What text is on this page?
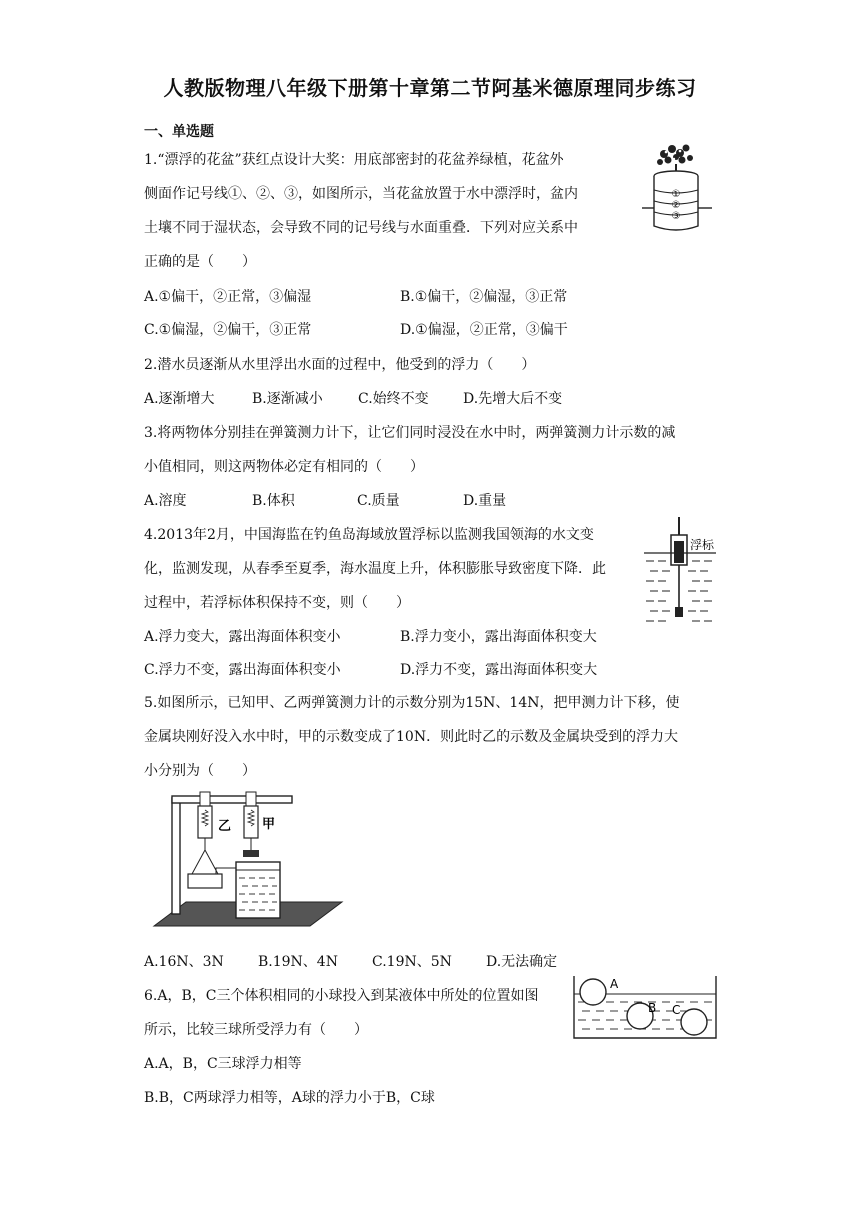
人教版物理八年级下册第十章第二节阿基米德原理同步练习
一、单选题
1.“漂浮的花盆”获红点设计大奖：用底部密封的花盆养绿植，花盆外
侧面作记号线①、②、③，如图所示，当花盆放置于水中漂浮时，盆内
土壤不同于湿状态，会导致不同的记号线与水面重叠．下列对应关系中
正确的是（　　）
A.①偏干，②正常，③偏湿	B.①偏干，②偏湿，③正常
C.①偏湿，②偏干，③正常	D.①偏湿，②正常，③偏干
①
②
③
2.潜水员逐渐从水里浮出水面的过程中，他受到的浮力（　　）
A.逐渐增大	B.逐渐减小	C.始终不变 D.先增大后不变
3.将两物体分别挂在弹簧测力计下，让它们同时浸没在水中时，两弹簧测力计示数的减
小值相同，则这两物体必定有相同的（　　）
A.溶度	B.体积	C.质量	D.重量
4.2013年2月，中国海监在钓鱼岛海域放置浮标以监测我国领海的水文变
化，监测发现，从春季至夏季，海水温度上升，体积膨胀导致密度下降．此
过程中，若浮标体积保持不变，则（　　）
A.浮力变大，露出海面体积变小	B.浮力变小，露出海面体积变大
C.浮力不变，露出海面体积变小	D.浮力不变，露出海面体积变大
浮标
5.如图所示，已知甲、乙两弹簧测力计的示数分别为15N、14N，把甲测力计下移，使
金属块刚好没入水中时，甲的示数变成了10N．则此时乙的示数及金属块受到的浮力大
小分别为（　　）
乙 甲
A.16N、3N B.19N、4N C.19N、5N D.无法确定
6.A，B，C三个体积相同的小球投入到某液体中所处的位置如图
所示，比较三球所受浮力有（　　）
A.A，B，C三球浮力相等
B.B，C两球浮力相等，A球的浮力小于B，C球
A
B C
